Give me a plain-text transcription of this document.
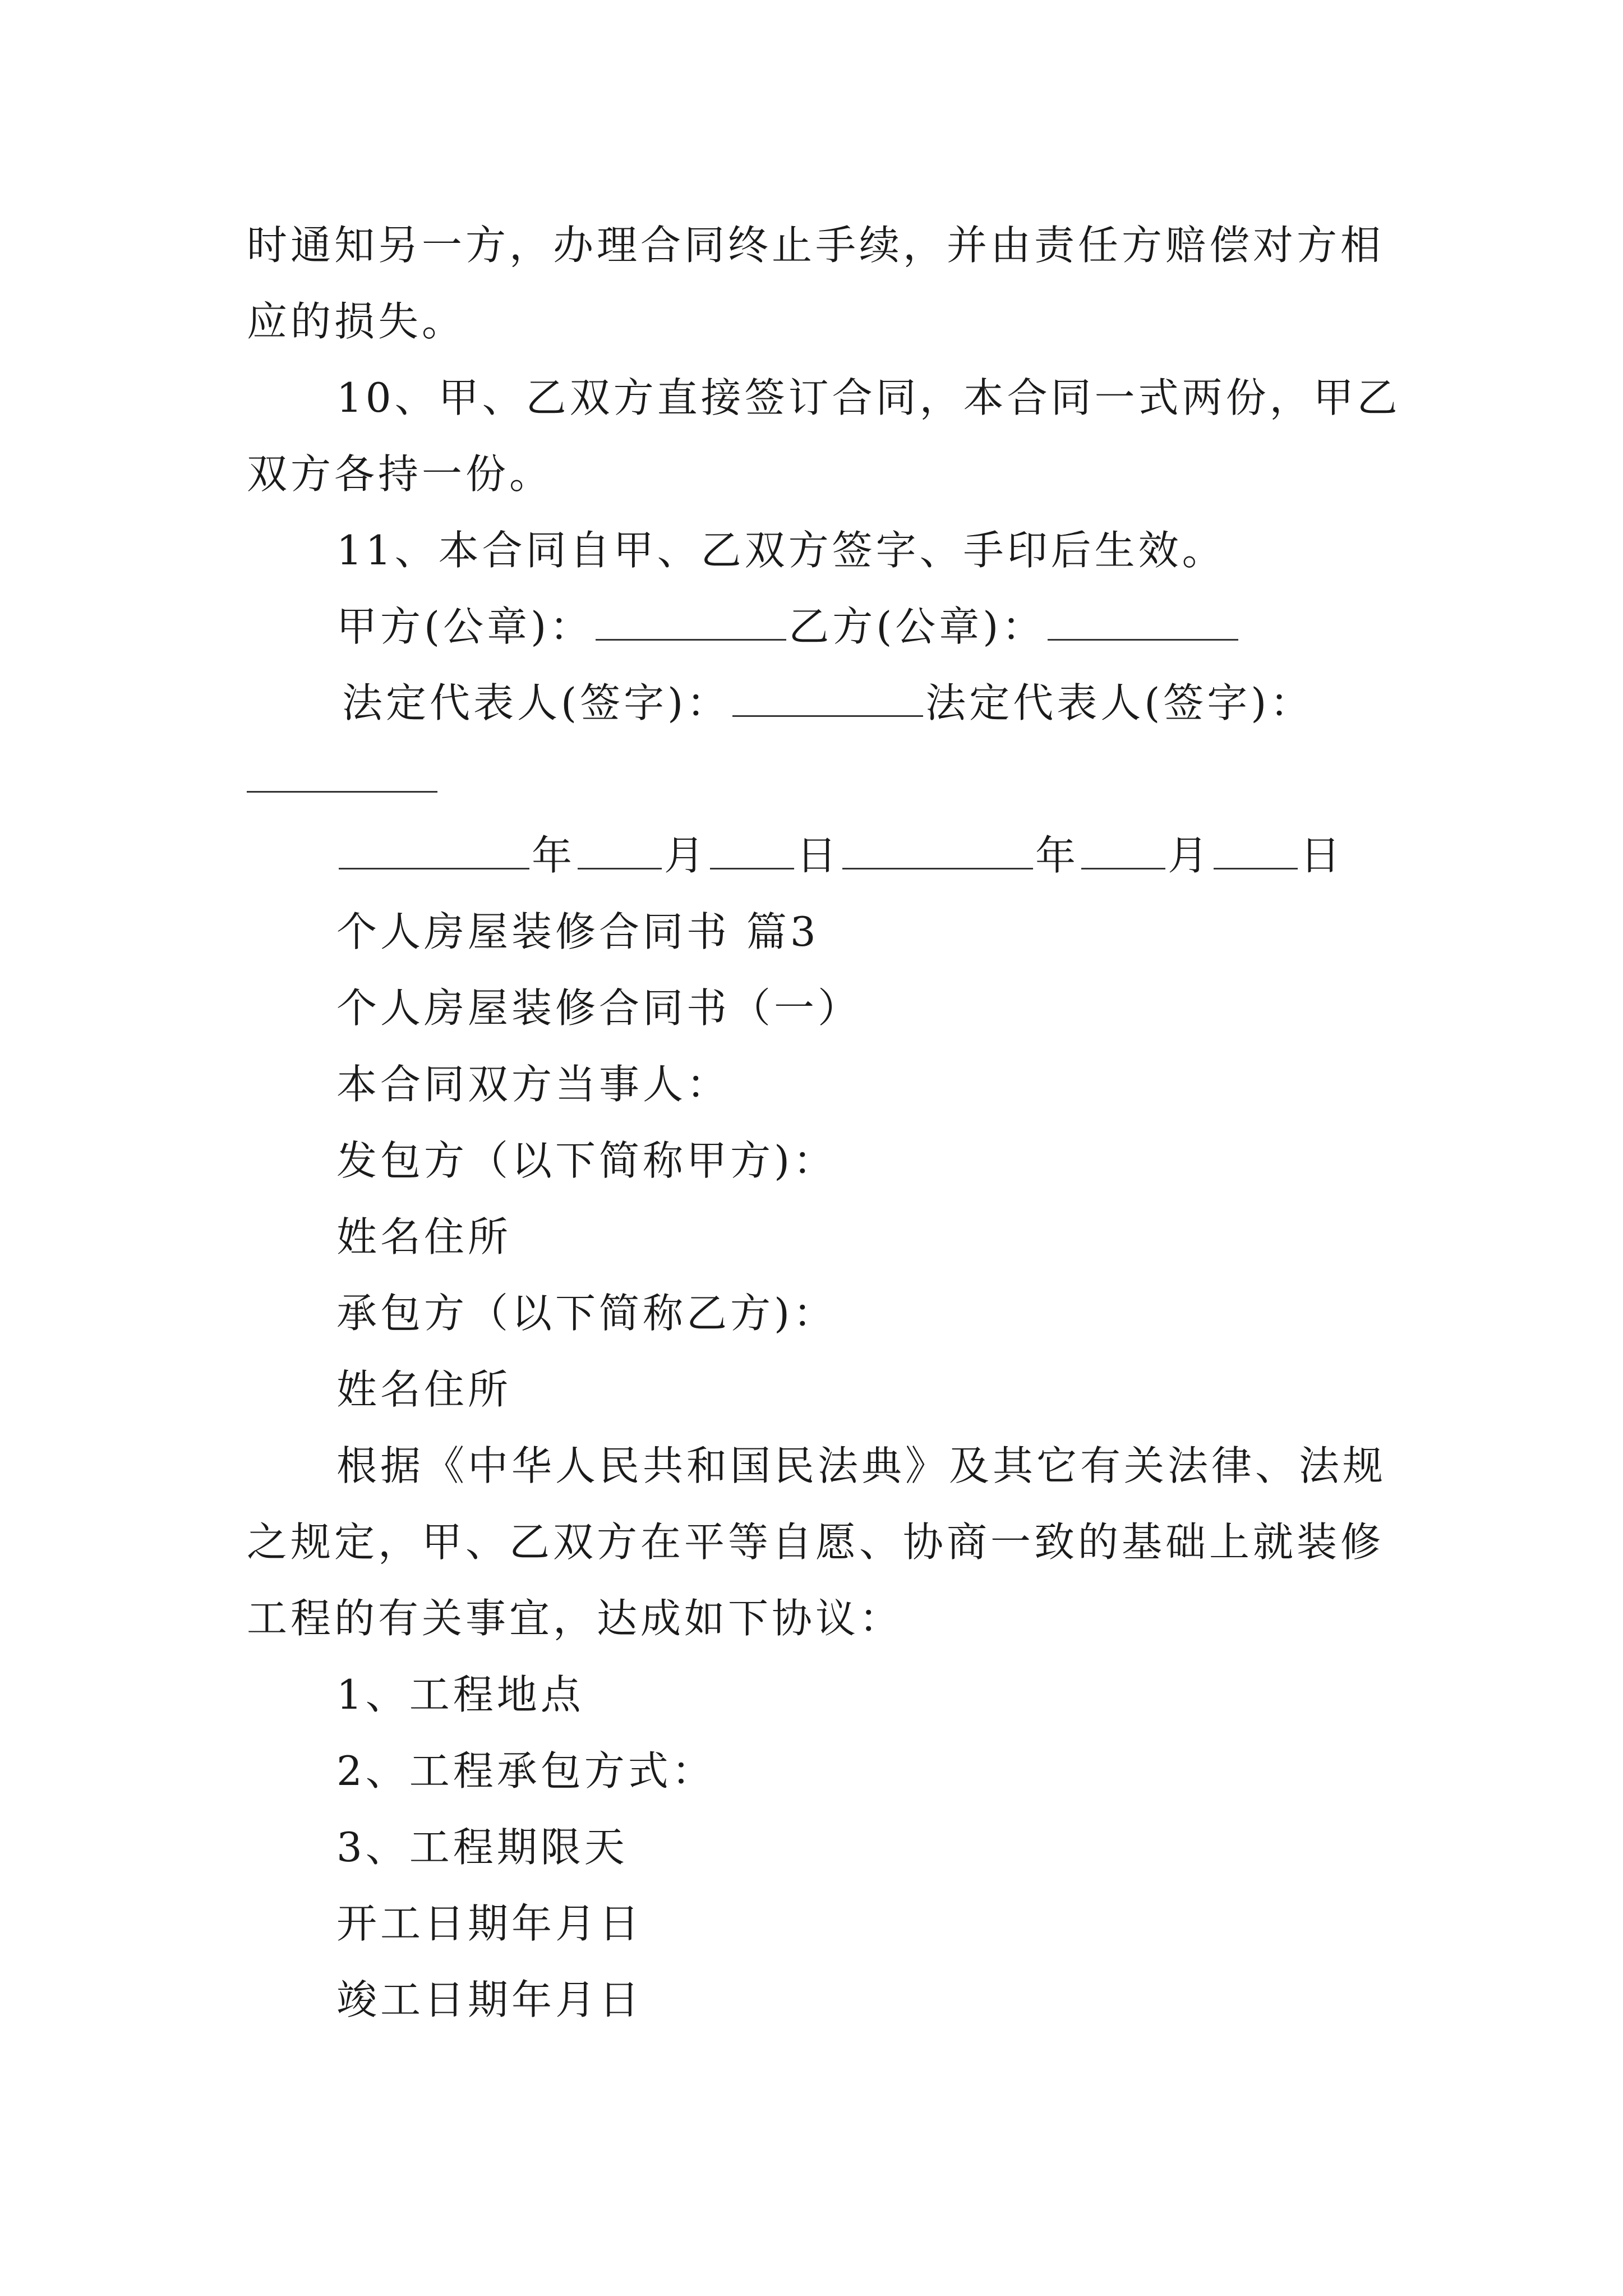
时通知另一方，办理合同终止手续，并由责任方赔偿对方相
应的损失。
10、甲、乙双方直接签订合同，本合同一式两份，甲乙
双方各持一份。
11、本合同自甲、乙双方签字、手印后生效。
甲方(公章)：	乙方(公章)：
法定代表人(签字)：	法定代表人(签字)：
年 月 日	年 月 日
个人房屋装修合同书 篇3
个人房屋装修合同书（一）
本合同双方当事人：
发包方（以下简称甲方)：
姓名住所
承包方（以下简称乙方)：
姓名住所
根据《中华人民共和国民法典》及其它有关法律、法规
之规定，甲、乙双方在平等自愿、协商一致的基础上就装修
工程的有关事宜，达成如下协议：
1、工程地点
2、工程承包方式：
3、工程期限天
开工日期年月日
竣工日期年月日
